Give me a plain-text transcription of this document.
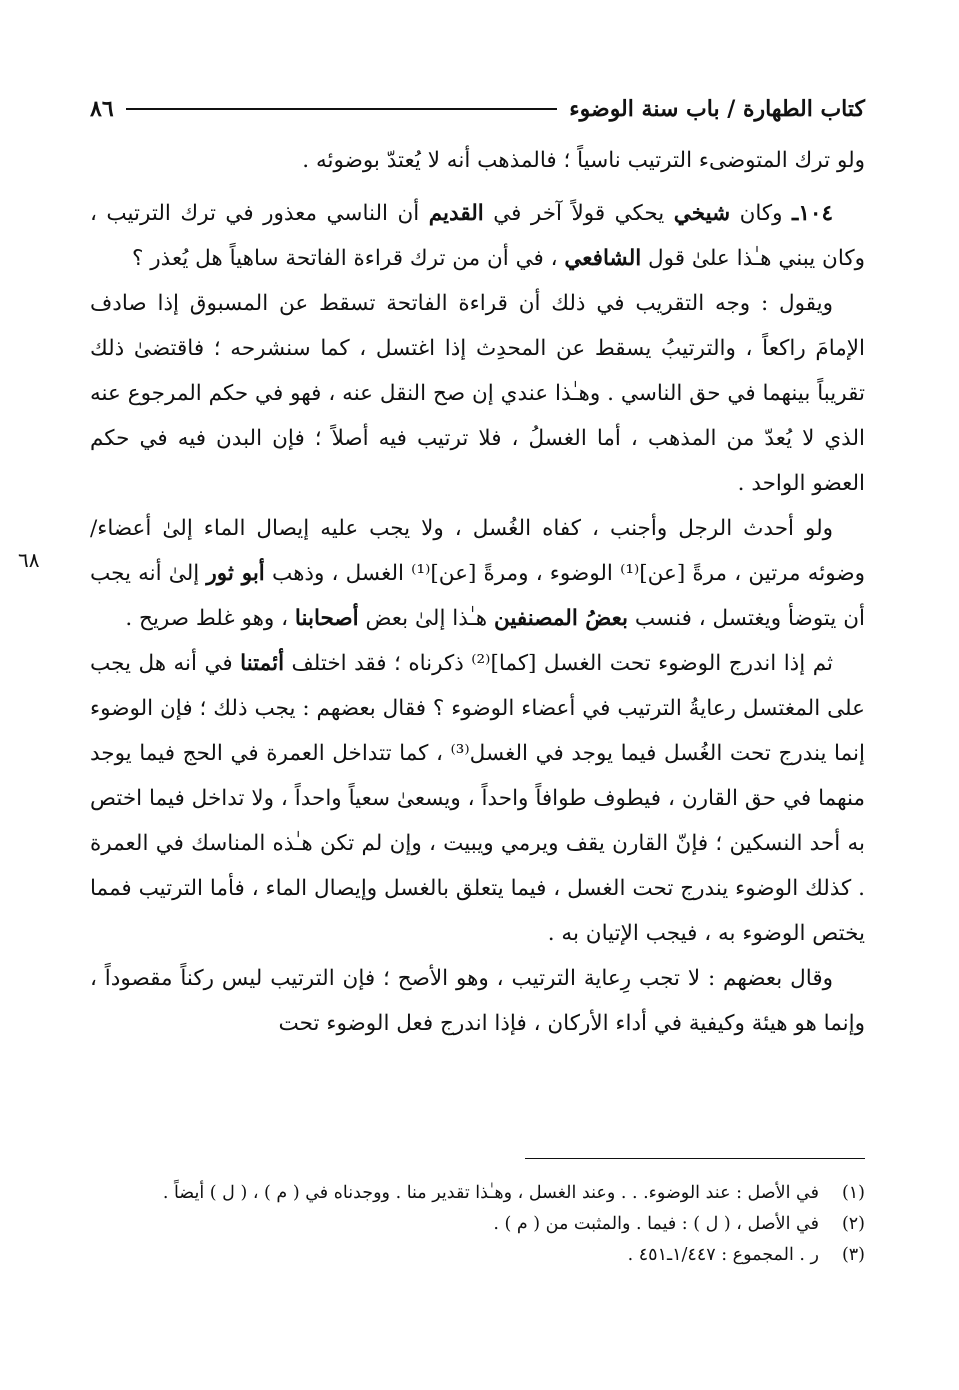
كتاب الطهارة / باب سنة الوضوء
٨٦
٦٨

ولو ترك المتوضىء الترتيب ناسياً ؛ فالمذهب أنه لا يُعتدّ بوضوئه .

١٠٤ـ وكان شيخي يحكي قولاً آخر في القديم أن الناسي معذور في ترك الترتيب ، وكان يبني هـٰذا علىٰ قول الشافعي ، في أن من ترك قراءة الفاتحة ساهياً هل يُعذر ؟

ويقول : وجه التقريب في ذلك أن قراءة الفاتحة تسقط عن المسبوق إذا صادف الإمامَ راكعاً ، والترتيبُ يسقط عن المحدِث إذا اغتسل ، كما سنشرحه ؛ فاقتضىٰ ذلك تقريباً بينهما في حق الناسي . وهـٰذا عندي إن صح النقل عنه ، فهو في حكم المرجوع عنه الذي لا يُعدّ من المذهب ، أما الغسلُ ، فلا ترتيب فيه أصلاً ؛ فإن البدن فيه في حكم العضو الواحد .

ولو أحدث الرجل وأجنب ، كفاه الغُسل ، ولا يجب عليه إيصال الماء إلىٰ أعضاء/ وضوئه مرتين ، مرةً [عن]⁽¹⁾ الوضوء ، ومرةً [عن]⁽¹⁾ الغسل ، وذهب أبو ثور إلىٰ أنه يجب أن يتوضأ ويغتسل ، فنسب بعضُ المصنفين هـٰذا إلىٰ بعض أصحابنا ، وهو غلط صريح .

ثم إذا اندرج الوضوء تحت الغسل [كما]⁽²⁾ ذكرناه ؛ فقد اختلف أئمتنا في أنه هل يجب على المغتسل رعايةُ الترتيب في أعضاء الوضوء ؟ فقال بعضهم : يجب ذلك ؛ فإن الوضوء إنما يندرج تحت الغُسل فيما يوجد في الغسل⁽³⁾ ، كما تتداخل العمرة في الحج فيما يوجد منهما في حق القارن ، فيطوف طوافاً واحداً ، ويسعىٰ سعياً واحداً ، ولا تداخل فيما اختص به أحد النسكين ؛ فإنّ القارن يقف ويرمي ويبيت ، وإن لم تكن هـٰذه المناسك في العمرة . كذلك الوضوء يندرج تحت الغسل ، فيما يتعلق بالغسل وإيصال الماء ، فأما الترتيب فمما يختص الوضوء به ، فيجب الإتيان به .

وقال بعضهم : لا تجب رِعاية الترتيب ، وهو الأصح ؛ فإن الترتيب ليس ركناً مقصوداً ، وإنما هو هيئة وكيفية في أداء الأركان ، فإذا اندرج فعل الوضوء تحت

(١)
في الأصل : عند الوضوء. . . وعند الغسل ، وهـٰذا تقدير منا . ووجدناه في ( م ) ، ( ل ) أيضاً .
(٢)
في الأصل ، ( ل ) : فيما . والمثبت من ( م ) .
(٣)
ر . المجموع : ١/٤٤٧ـ٤٥١ .
